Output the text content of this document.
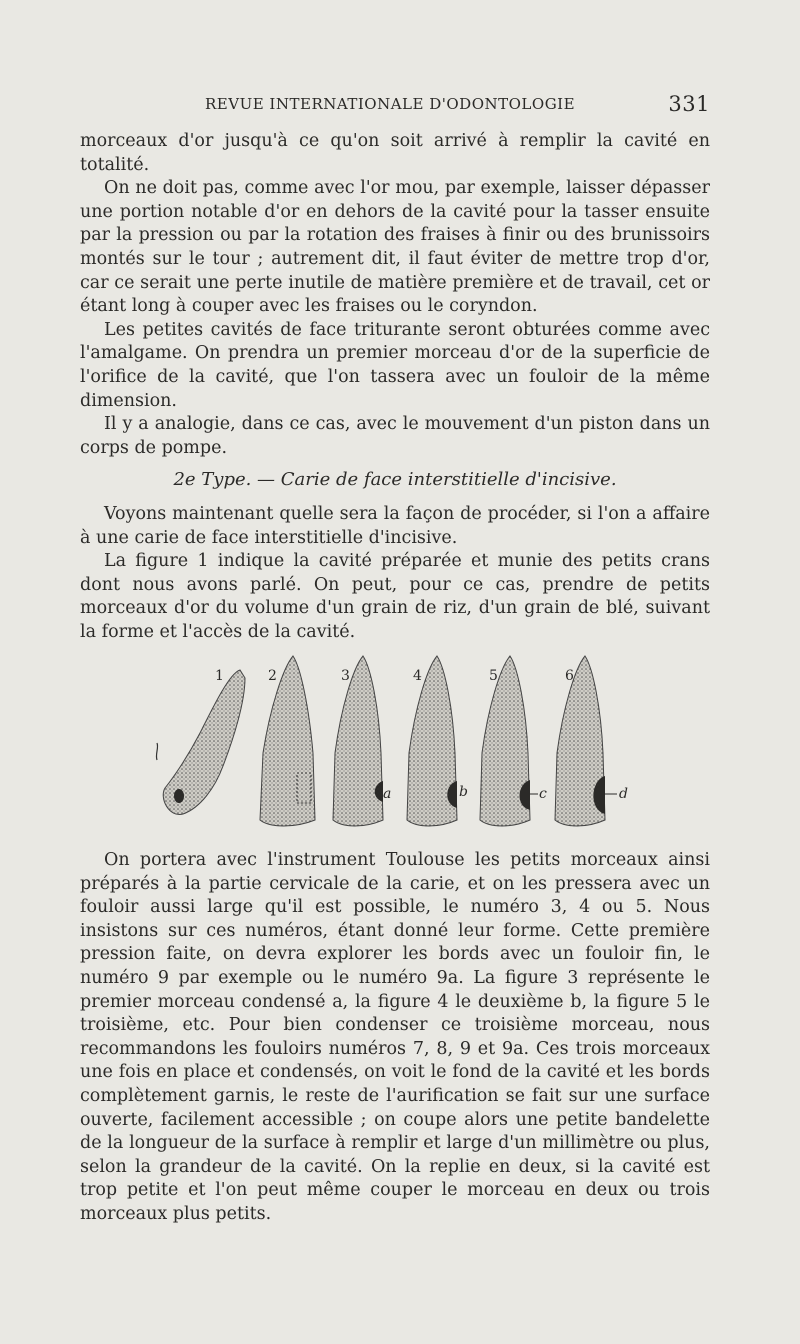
REVUE INTERNATIONALE D'ODONTOLOGIE	331

morceaux d'or jusqu'à ce qu'on soit arrivé à remplir la cavité en totalité.

On ne doit pas, comme avec l'or mou, par exemple, laisser dépasser une portion notable d'or en dehors de la cavité pour la tasser ensuite par la pression ou par la rotation des fraises à finir ou des brunissoirs montés sur le tour ; autrement dit, il faut éviter de mettre trop d'or, car ce serait une perte inutile de matière première et de travail, cet or étant long à couper avec les fraises ou le coryndon.

Les petites cavités de face triturante seront obturées comme avec l'amalgame. On prendra un premier morceau d'or de la superficie de l'orifice de la cavité, que l'on tassera avec un fouloir de la même dimension.

Il y a analogie, dans ce cas, avec le mouvement d'un piston dans un corps de pompe.

2e Type. — Carie de face interstitielle d'incisive.

Voyons maintenant quelle sera la façon de procéder, si l'on a affaire à une carie de face interstitielle d'incisive.

La figure 1 indique la cavité préparée et munie des petits crans dont nous avons parlé. On peut, pour ce cas, prendre de petits morceaux d'or du volume d'un grain de riz, d'un grain de blé, suivant la forme et l'accès de la cavité.

1	2	3
a
4
b
5
c
6
d

On portera avec l'instrument Toulouse les petits morceaux ainsi préparés à la partie cervicale de la carie, et on les pressera avec un fouloir aussi large qu'il est possible, le numéro 3, 4 ou 5. Nous insistons sur ces numéros, étant donné leur forme. Cette première pression faite, on devra explorer les bords avec un fouloir fin, le numéro 9 par exemple ou le numéro 9a. La figure 3 représente le premier morceau condensé a, la figure 4 le deuxième b, la figure 5 le troisième, etc. Pour bien condenser ce troisième morceau, nous recommandons les fouloirs numéros 7, 8, 9 et 9a. Ces trois morceaux une fois en place et condensés, on voit le fond de la cavité et les bords complètement garnis, le reste de l'aurification se fait sur une surface ouverte, facilement accessible ; on coupe alors une petite bandelette de la longueur de la surface à remplir et large d'un millimètre ou plus, selon la grandeur de la cavité. On la replie en deux, si la cavité est trop petite et l'on peut même couper le morceau en deux ou trois morceaux plus petits.
